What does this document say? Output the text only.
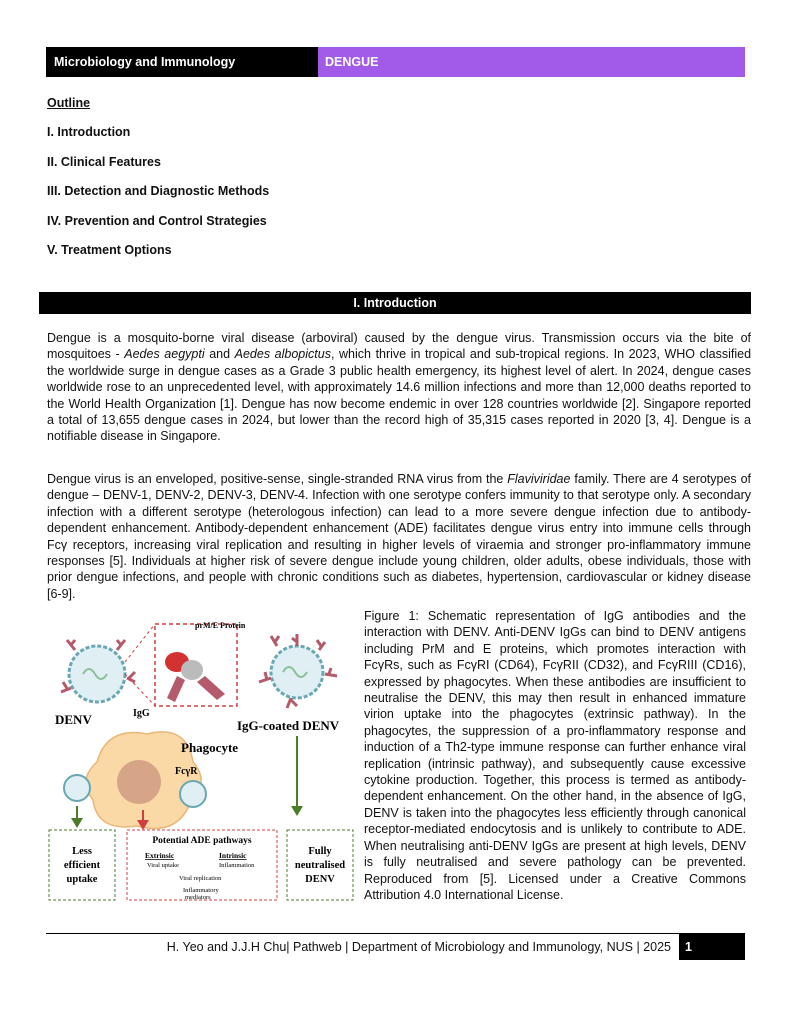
Microbiology and Immunology	DENGUE
Outline
I. Introduction
II. Clinical Features
III. Detection and Diagnostic Methods
IV. Prevention and Control Strategies
V. Treatment Options
I. Introduction

Dengue is a mosquito-borne viral disease (arboviral) caused by the dengue virus. Transmission occurs via the bite of mosquitoes - Aedes aegypti and Aedes albopictus, which thrive in tropical and sub-tropical regions. In 2023, WHO classified the worldwide surge in dengue cases as a Grade 3 public health emergency, its highest level of alert. In 2024, dengue cases worldwide rose to an unprecedented level, with approximately 14.6 million infections and more than 12,000 deaths reported to the World Health Organization [1]. Dengue has now become endemic in over 128 countries worldwide [2]. Singapore reported a total of 13,655 dengue cases in 2024, but lower than the record high of 35,315 cases reported in 2020 [3, 4]. Dengue is a notifiable disease in Singapore.

Dengue virus is an enveloped, positive-sense, single-stranded RNA virus from the Flaviviridae family. There are 4 serotypes of dengue – DENV-1, DENV-2, DENV-3, DENV-4. Infection with one serotype confers immunity to that serotype only. A secondary infection with a different serotype (heterologous infection) can lead to a more severe dengue infection due to antibody-dependent enhancement. Antibody-dependent enhancement (ADE) facilitates dengue virus entry into immune cells through Fcγ receptors, increasing viral replication and resulting in higher levels of viraemia and stronger pro-inflammatory immune responses [5]. Individuals at higher risk of severe dengue include young children, older adults, obese individuals, those with prior dengue infections, and people with chronic conditions such as diabetes, hypertension, cardiovascular or kidney disease [6-9].

prM/E Protein
DENV	IgG
IgG-coated DENV
Phagocyte
FcγR
Less
efficient
uptake
Potential ADE pathways
Extrinsic
Viral uptake
Intrinsic
Inflammation
Viral replication
Inflammatory
mediators
Fully
neutralised
DENV

Figure 1: Schematic representation of IgG antibodies and the interaction with DENV. Anti-DENV IgGs can bind to DENV antigens including PrM and E proteins, which promotes interaction with FcγRs, such as FcγRI (CD64), FcγRII (CD32), and FcγRIII (CD16), expressed by phagocytes. When these antibodies are insufficient to neutralise the DENV, this may then result in enhanced immature virion uptake into the phagocytes (extrinsic pathway). In the phagocytes, the suppression of a pro-inflammatory response and induction of a Th2-type immune response can further enhance viral replication (intrinsic pathway), and subsequently cause excessive cytokine production. Together, this process is termed as antibody-dependent enhancement. On the other hand, in the absence of IgG, DENV is taken into the phagocytes less efficiently through canonical receptor-mediated endocytosis and is unlikely to contribute to ADE. When neutralising anti-DENV IgGs are present at high levels, DENV is fully neutralised and severe pathology can be prevented. Reproduced from [5]. Licensed under a Creative Commons Attribution 4.0 International License.

H. Yeo and J.J.H Chu| Pathweb | Department of Microbiology and Immunology, NUS | 2025	1
